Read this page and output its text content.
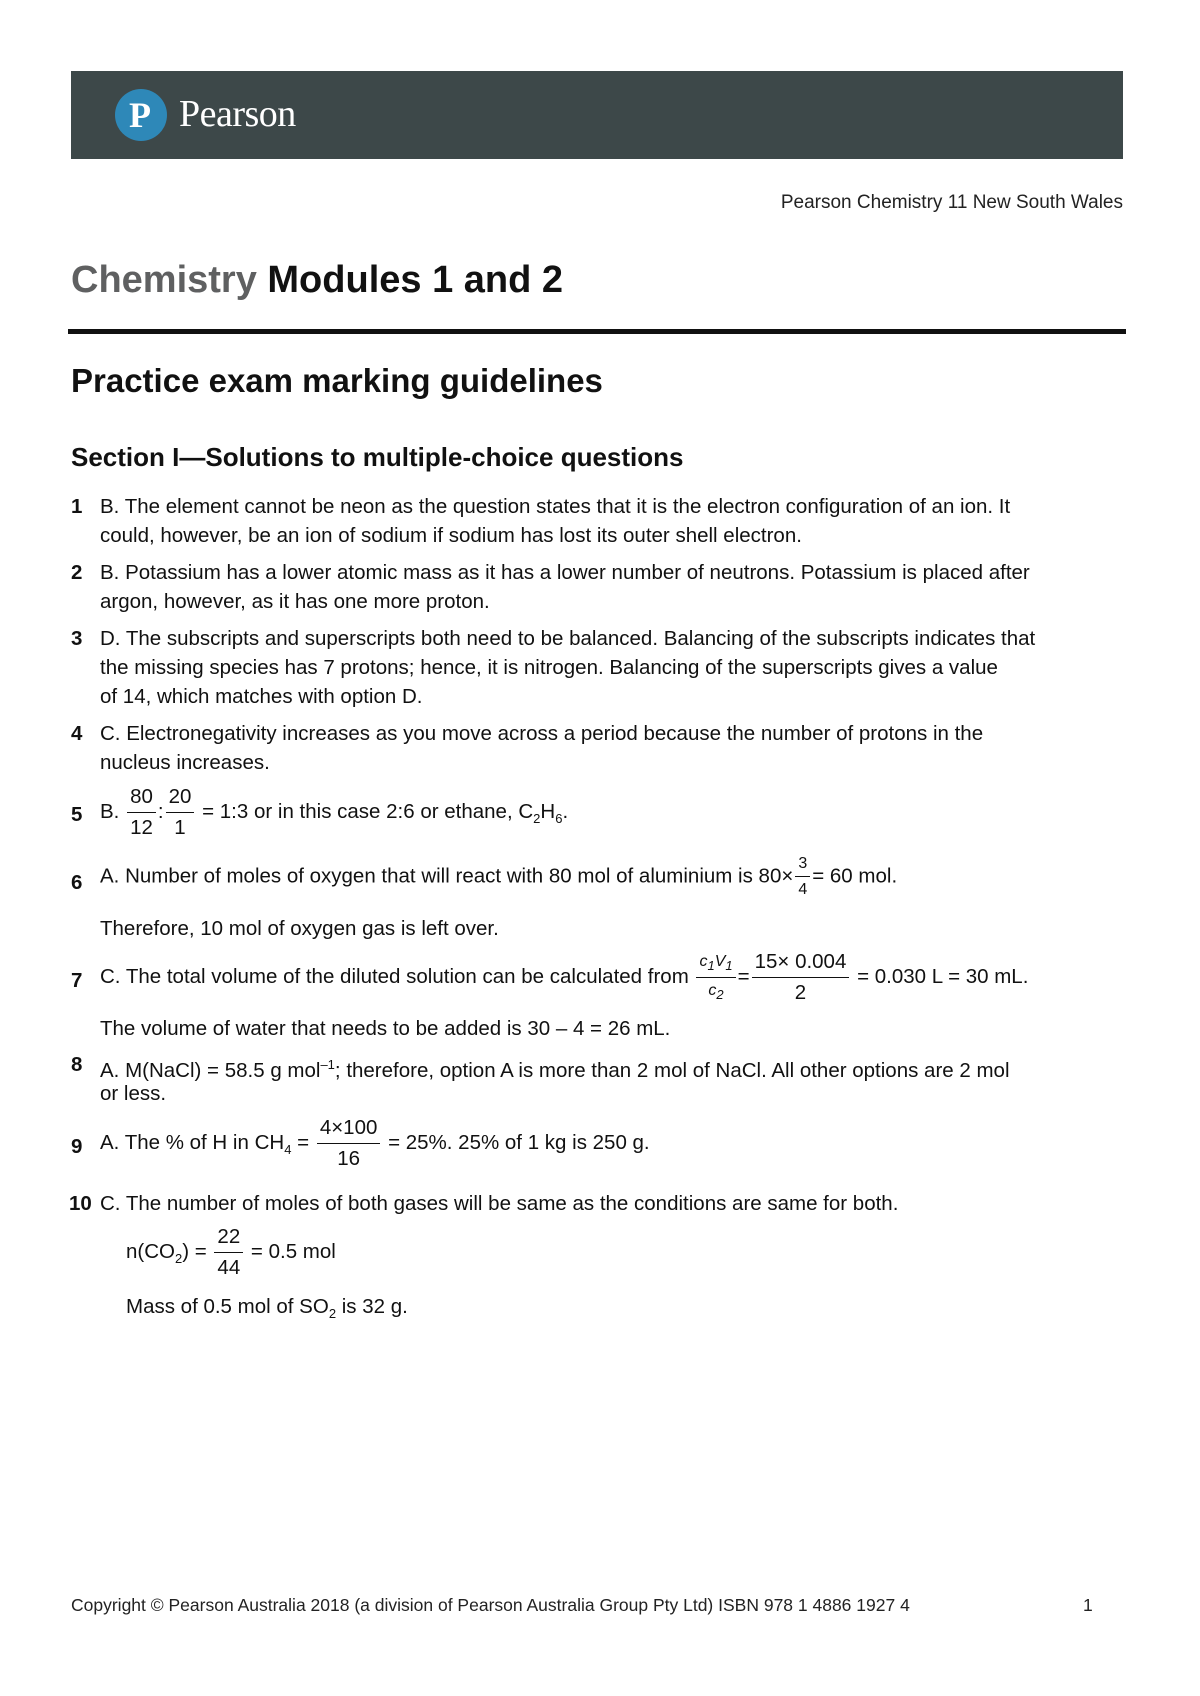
P Pearson
Pearson Chemistry 11 New South Wales
Chemistry Modules 1 and 2
Practice exam marking guidelines
Section I—Solutions to multiple-choice questions
1 B. The element cannot be neon as the question states that it is the electron configuration of an ion. It
could, however, be an ion of sodium if sodium has lost its outer shell electron.
2 B. Potassium has a lower atomic mass as it has a lower number of neutrons. Potassium is placed after
argon, however, as it has one more proton.
3 D. The subscripts and superscripts both need to be balanced. Balancing of the subscripts indicates that
the missing species has 7 protons; hence, it is nitrogen. Balancing of the superscripts gives a value
of 14, which matches with option D.
4 C. Electronegativity increases as you move across a period because the number of protons in the
nucleus increases.
5 B. $\frac{80}{12}$ : $\frac{20}{1}$ = 1:3 or in this case 2:6 or ethane, $C_2H_6$.
6 A. Number of moles of oxygen that will react with 80 mol of aluminium is $80\times \frac{3}{4} = 60$ mol.
Therefore, 10 mol of oxygen gas is left over.
7 C. The total volume of the diluted solution can be calculated from $\frac{c_1V_1}{c_2} = \frac{15\times 0.004}{2} = 0.030$ L = 30 mL.
The volume of water that needs to be added is 30 – 4 = 26 mL.
8 A. M(NaCl) = 58.5 g mol$^{-1}$; therefore, option A is more than 2 mol of NaCl. All other options are 2 mol
or less.
9 A. The % of H in $CH_4 = \frac{4\times 100}{16} = 25\%$. 25% of 1 kg is 250 g.
10 C. The number of moles of both gases will be same as the conditions are same for both.
$n(CO_2) = \frac{22}{44} = 0.5$ mol
Mass of 0.5 mol of $SO_2$ is 32 g.
Copyright © Pearson Australia 2018 (a division of Pearson Australia Group Pty Ltd) ISBN 978 1 4886 1927 4	1
